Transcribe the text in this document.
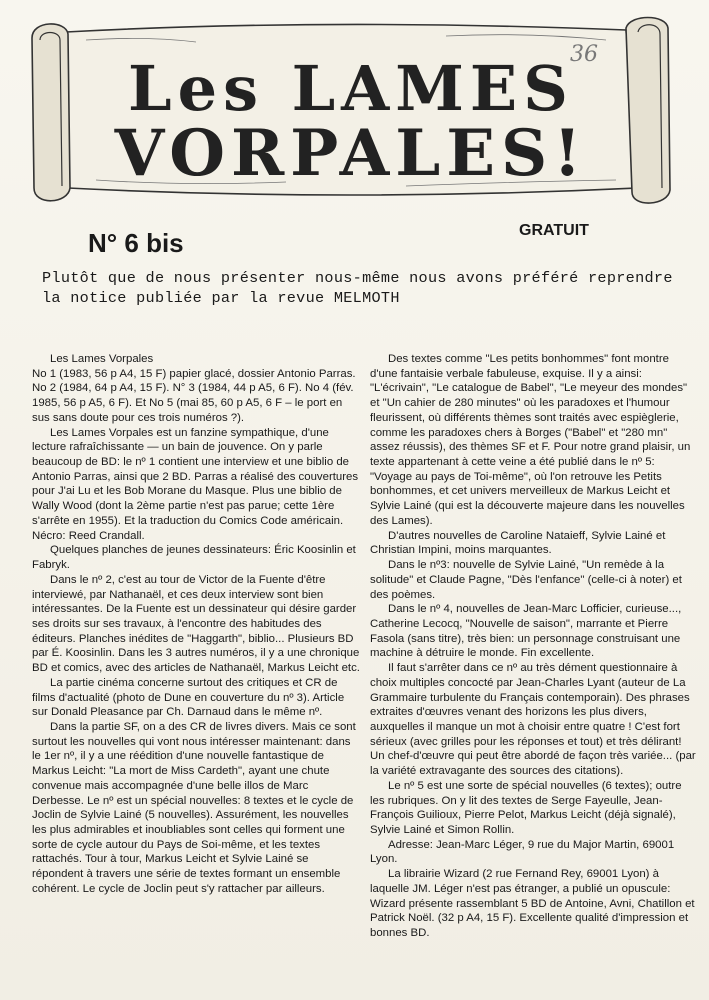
Les LAMES
VORPALES!
36
N° 6 bis	GRATUIT

Plutôt que de nous présenter nous-même nous avons préféré reprendre la notice publiée par la revue MELMOTH

Les Lames Vorpales

No 1 (1983, 56 p A4, 15 F) papier glacé, dossier Antonio Parras. No 2 (1984, 64 p A4, 15 F). N° 3 (1984, 44 p A5, 6 F). No 4 (fév. 1985, 56 p A5, 6 F). Et No 5 (mai 85, 60 p A5, 6 F – le port en sus sans doute pour ces trois numéros ?).

Les Lames Vorpales est un fanzine sympathique, d'une lecture rafraîchissante — un bain de jouvence. On y parle beaucoup de BD: le nº 1 contient une interview et une biblio de Antonio Parras, ainsi que 2 BD. Parras a réalisé des couvertures pour J'ai Lu et les Bob Morane du Masque. Plus une biblio de Wally Wood (dont la 2ème partie n'est pas parue; cette 1ère s'arrête en 1955). Et la traduction du Comics Code américain. Nécro: Reed Crandall.

Quelques planches de jeunes dessinateurs: Éric Koosinlin et Fabryk.

Dans le nº 2, c'est au tour de Victor de la Fuente d'être interviewé, par Nathanaël, et ces deux interview sont bien intéressantes. De la Fuente est un dessinateur qui désire garder ses droits sur ses travaux, à l'encontre des habitudes des éditeurs. Planches inédites de "Haggarth", biblio... Plusieurs BD par É. Koosinlin. Dans les 3 autres numéros, il y a une chronique BD et comics, avec des articles de Nathanaël, Markus Leicht etc.

La partie cinéma concerne surtout des critiques et CR de films d'actualité (photo de Dune en couverture du nº 3). Article sur Donald Pleasance par Ch. Darnaud dans le même nº.

Dans la partie SF, on a des CR de livres divers. Mais ce sont surtout les nouvelles qui vont nous intéresser maintenant: dans le 1er nº, il y a une réédition d'une nouvelle fantastique de Markus Leicht: "La mort de Miss Cardeth", ayant une chute convenue mais accompagnée d'une belle illos de Marc Derbesse. Le nº est un spécial nouvelles: 8 textes et le cycle de Joclin de Sylvie Lainé (5 nouvelles). Assurément, les nouvelles les plus admirables et inoubliables sont celles qui forment une sorte de cycle autour du Pays de Soi-même, et les textes rattachés. Tour à tour, Markus Leicht et Sylvie Lainé se répondent à travers une série de textes formant un ensemble cohérent. Le cycle de Joclin peut s'y rattacher par ailleurs.

Des textes comme "Les petits bonhommes" font montre d'une fantaisie verbale fabuleuse, exquise. Il y a ainsi: "L'écrivain", "Le catalogue de Babel", "Le meyeur des mondes" et "Un cahier de 280 minutes" où les paradoxes et l'humour fleurissent, où différents thèmes sont traités avec espièglerie, comme les paradoxes chers à Borges ("Babel" et "280 mn" assez réussis), des thèmes SF et F. Pour notre grand plaisir, un texte appartenant à cette veine a été publié dans le nº 5: "Voyage au pays de Toi-même", où l'on retrouve les Petits bonhommes, et cet univers merveilleux de Markus Leicht et Sylvie Lainé (qui est la découverte majeure dans les nouvelles des Lames).

D'autres nouvelles de Caroline Nataieff, Sylvie Lainé et Christian Impini, moins marquantes.

Dans le nº3: nouvelle de Sylvie Lainé, "Un remède à la solitude" et Claude Pagne, "Dès l'enfance" (celle-ci à noter) et des poèmes.

Dans le nº 4, nouvelles de Jean-Marc Lofficier, curieuse..., Catherine Lecocq, "Nouvelle de saison", marrante et Pierre Fasola (sans titre), très bien: un personnage construisant une machine à détruire le monde. Fin excellente.

Il faut s'arrêter dans ce nº au très dément questionnaire à choix multiples concocté par Jean-Charles Lyant (auteur de La Grammaire turbulente du Français contemporain). Des phrases extraites d'œuvres venant des horizons les plus divers, auxquelles il manque un mot à choisir entre quatre ! C'est fort sérieux (avec grilles pour les réponses et tout) et très délirant! Un chef-d'œuvre qui peut être abordé de façon très variée... (par la variété extravagante des sources des citations).

Le nº 5 est une sorte de spécial nouvelles (6 textes); outre les rubriques. On y lit des textes de Serge Fayeulle, Jean-François Guilioux, Pierre Pelot, Markus Leicht (déjà signalé), Sylvie Lainé et Simon Rollin.

Adresse: Jean-Marc Léger, 9 rue du Major Martin, 69001 Lyon.

La librairie Wizard (2 rue Fernand Rey, 69001 Lyon) à laquelle JM. Léger n'est pas étranger, a publié un opuscule: Wizard présente rassemblant 5 BD de Antoine, Avni, Chatillon et Patrick Noël. (32 p A4, 15 F). Excellente qualité d'impression et bonnes BD.
